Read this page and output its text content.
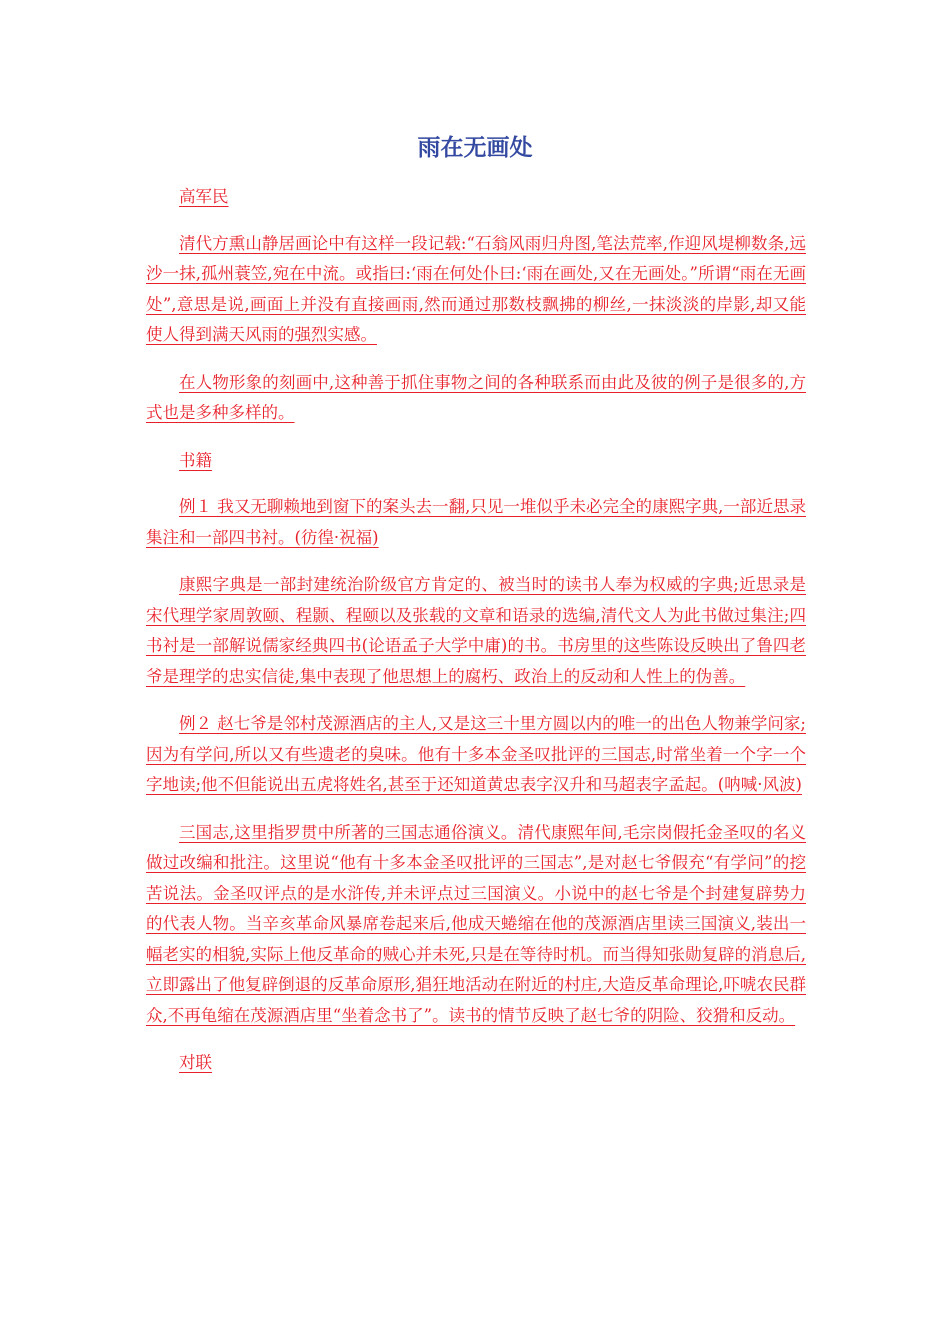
雨在无画处

高军民

清代方熏山静居画论中有这样一段记载:“石翁风雨归舟图,笔法荒率,作迎风堤柳数条,远沙一抹,孤州蓑笠,宛在中流。或指曰:‘雨在何处仆曰:‘雨在画处,又在无画处。”所谓“雨在无画处”,意思是说,画面上并没有直接画雨,然而通过那数枝飘拂的柳丝,一抹淡淡的岸影,却又能使人得到满天风雨的强烈实感。

在人物形象的刻画中,这种善于抓住事物之间的各种联系而由此及彼的例子是很多的,方式也是多种多样的。

书籍

例１ 我又无聊赖地到窗下的案头去一翻,只见一堆似乎未必完全的康熙字典,一部近思录集注和一部四书衬。(彷徨·祝福)

康熙字典是一部封建统治阶级官方肯定的、被当时的读书人奉为权威的字典;近思录是宋代理学家周敦颐、程颢、程颐以及张载的文章和语录的选编,清代文人为此书做过集注;四书衬是一部解说儒家经典四书(论语孟子大学中庸)的书。书房里的这些陈设反映出了鲁四老爷是理学的忠实信徒,集中表现了他思想上的腐朽、政治上的反动和人性上的伪善。

例２ 赵七爷是邻村茂源酒店的主人,又是这三十里方圆以内的唯一的出色人物兼学问家;因为有学问,所以又有些遗老的臭味。他有十多本金圣叹批评的三国志,时常坐着一个字一个字地读;他不但能说出五虎将姓名,甚至于还知道黄忠表字汉升和马超表字孟起。(呐喊·风波)

三国志,这里指罗贯中所著的三国志通俗演义。清代康熙年间,毛宗岗假托金圣叹的名义做过改编和批注。这里说“他有十多本金圣叹批评的三国志”,是对赵七爷假充“有学问”的挖苦说法。金圣叹评点的是水浒传,并未评点过三国演义。小说中的赵七爷是个封建复辟势力的代表人物。当辛亥革命风暴席卷起来后,他成天蜷缩在他的茂源酒店里读三国演义,装出一幅老实的相貌,实际上他反革命的贼心并未死,只是在等待时机。而当得知张勋复辟的消息后,立即露出了他复辟倒退的反革命原形,猖狂地活动在附近的村庄,大造反革命理论,吓唬农民群众,不再龟缩在茂源酒店里“坐着念书了”。读书的情节反映了赵七爷的阴险、狡猾和反动。

对联
